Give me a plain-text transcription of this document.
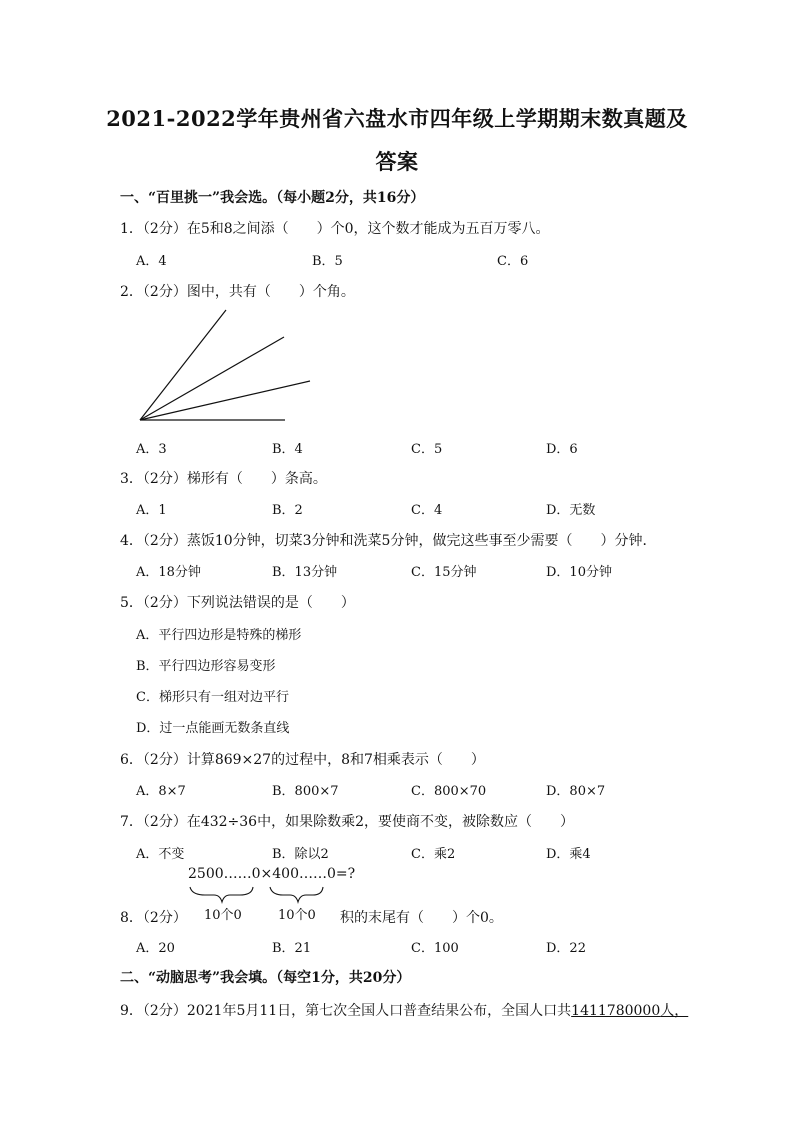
2021-2022学年贵州省六盘水市四年级上学期期末数真题及
答案
一、“百里挑一”我会选。（每小题2分，共16分）
1．（2分）在5和8之间添（　　）个0，这个数才能成为五百万零八。
A．4	B．5	C．6
2．（2分）图中，共有（　　）个角。
A．3	B．4	C．5	D．6
3．（2分）梯形有（　　）条高。
A．1	B．2	C．4	D．无数
4．（2分）蒸饭10分钟，切菜3分钟和洗菜5分钟，做完这些事至少需要（　　）分钟．
A．18分钟	B．13分钟	C．15分钟	D．10分钟
5．（2分）下列说法错误的是（　　）
A．平行四边形是特殊的梯形
B．平行四边形容易变形
C．梯形只有一组对边平行
D．过一点能画无数条直线
6．（2分）计算869×27的过程中，8和7相乘表示（　　）
A．8×7	B．800×7	C．800×70	D．80×7
7．（2分）在432÷36中，如果除数乘2，要使商不变，被除数应（　　）
A．不变	B．除以2	C．乘2	D．乘4
2500……0×400……0=?
10个0	10个0
8．（2分）	积的末尾有（　　）个0。
A．20	B．21	C．100	D．22
二、“动脑思考”我会填。（每空1分，共20分）
9．（2分）2021年5月11日，第七次全国人口普查结果公布，全国人口共1411780000人，
